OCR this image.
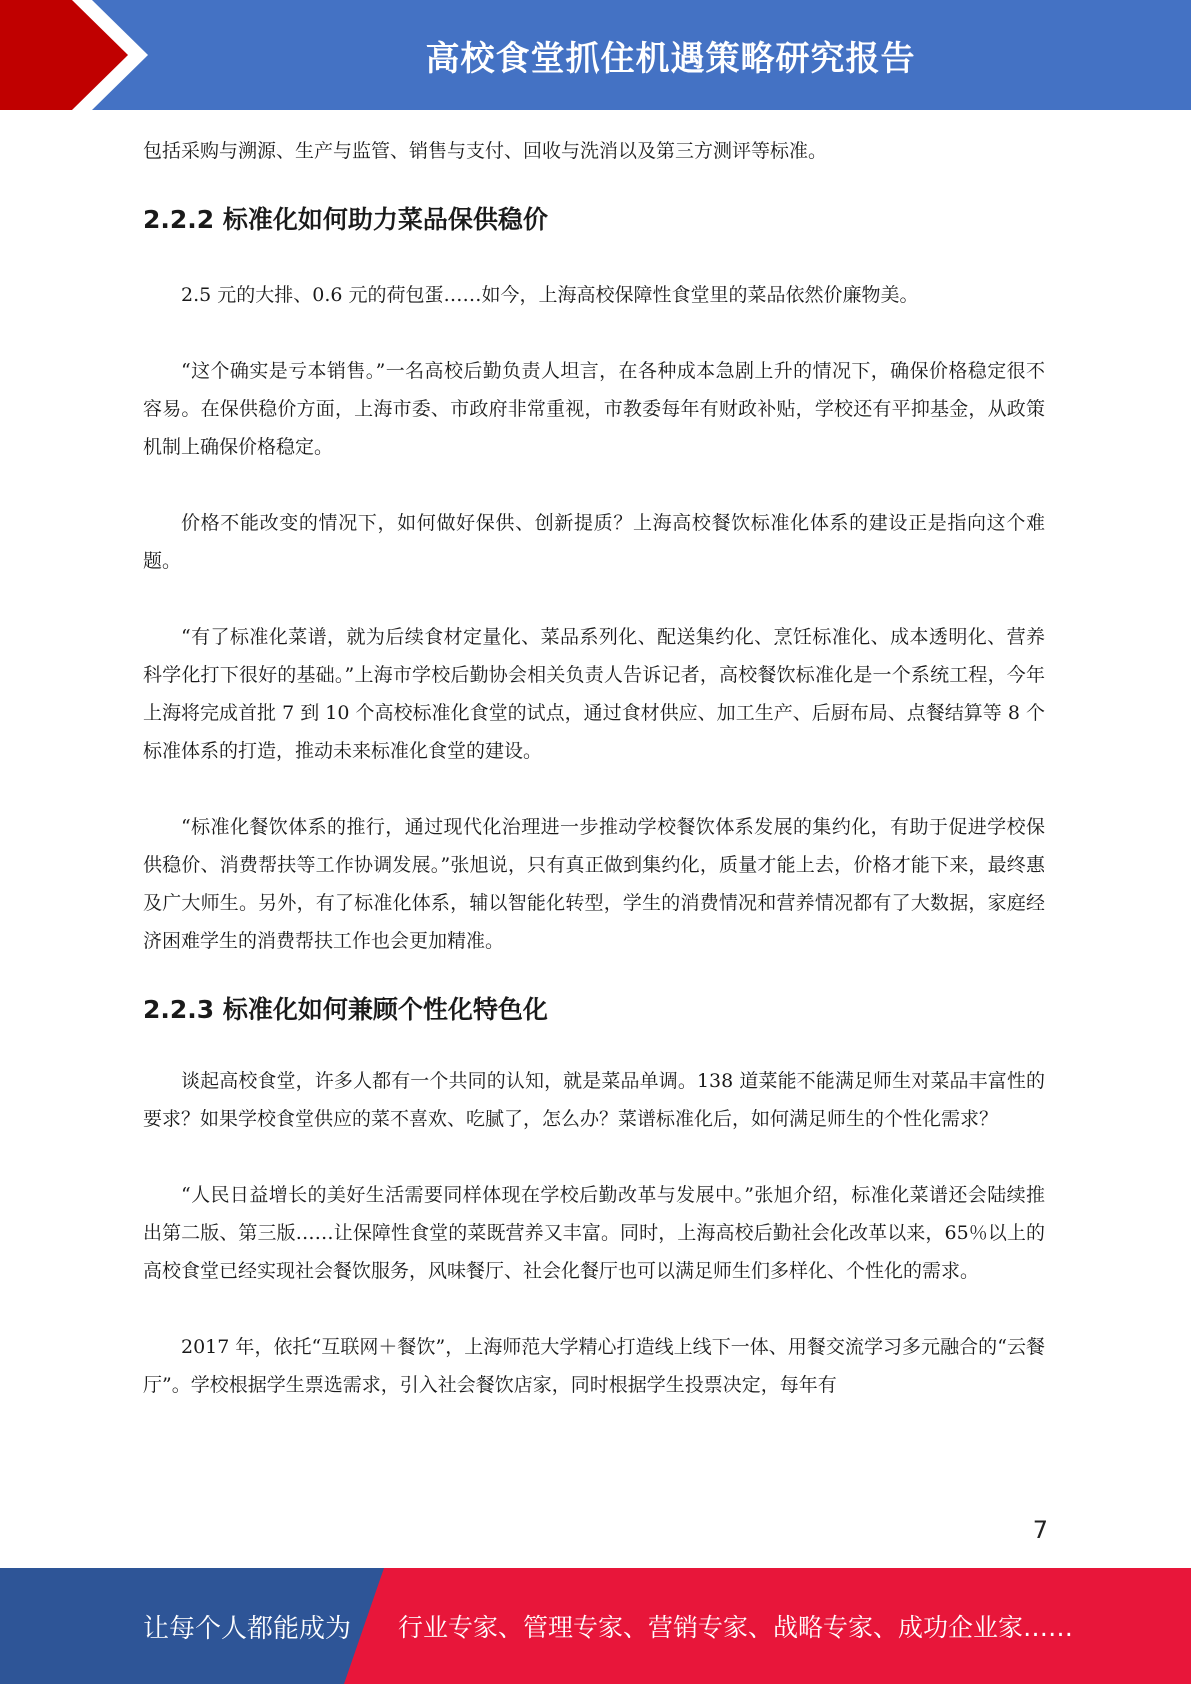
高校食堂抓住机遇策略研究报告

包括采购与溯源、生产与监管、销售与支付、回收与洗消以及第三方测评等标准。

2.2.2 标准化如何助力菜品保供稳价

2.5 元的大排、0.6 元的荷包蛋……如今，上海高校保障性食堂里的菜品依然价廉物美。

“这个确实是亏本销售。”一名高校后勤负责人坦言，在各种成本急剧上升的情况下，确保价格稳定很不容易。在保供稳价方面，上海市委、市政府非常重视，市教委每年有财政补贴，学校还有平抑基金，从政策机制上确保价格稳定。

价格不能改变的情况下，如何做好保供、创新提质？上海高校餐饮标准化体系的建设正是指向这个难题。

“有了标准化菜谱，就为后续食材定量化、菜品系列化、配送集约化、烹饪标准化、成本透明化、营养科学化打下很好的基础。”上海市学校后勤协会相关负责人告诉记者，高校餐饮标准化是一个系统工程，今年上海将完成首批 7 到 10 个高校标准化食堂的试点，通过食材供应、加工生产、后厨布局、点餐结算等 8 个标准体系的打造，推动未来标准化食堂的建设。

“标准化餐饮体系的推行，通过现代化治理进一步推动学校餐饮体系发展的集约化，有助于促进学校保供稳价、消费帮扶等工作协调发展。”张旭说，只有真正做到集约化，质量才能上去，价格才能下来，最终惠及广大师生。另外，有了标准化体系，辅以智能化转型，学生的消费情况和营养情况都有了大数据，家庭经济困难学生的消费帮扶工作也会更加精准。

2.2.3 标准化如何兼顾个性化特色化

谈起高校食堂，许多人都有一个共同的认知，就是菜品单调。138 道菜能不能满足师生对菜品丰富性的要求？如果学校食堂供应的菜不喜欢、吃腻了，怎么办？菜谱标准化后，如何满足师生的个性化需求？

“人民日益增长的美好生活需要同样体现在学校后勤改革与发展中。”张旭介绍，标准化菜谱还会陆续推出第二版、第三版……让保障性食堂的菜既营养又丰富。同时，上海高校后勤社会化改革以来，65％以上的高校食堂已经实现社会餐饮服务，风味餐厅、社会化餐厅也可以满足师生们多样化、个性化的需求。

2017 年，依托“互联网＋餐饮”，上海师范大学精心打造线上线下一体、用餐交流学习多元融合的“云餐厅”。学校根据学生票选需求，引入社会餐饮店家，同时根据学生投票决定，每年有

7
让每个人都能成为 行业专家、管理专家、营销专家、战略专家、成功企业家……
